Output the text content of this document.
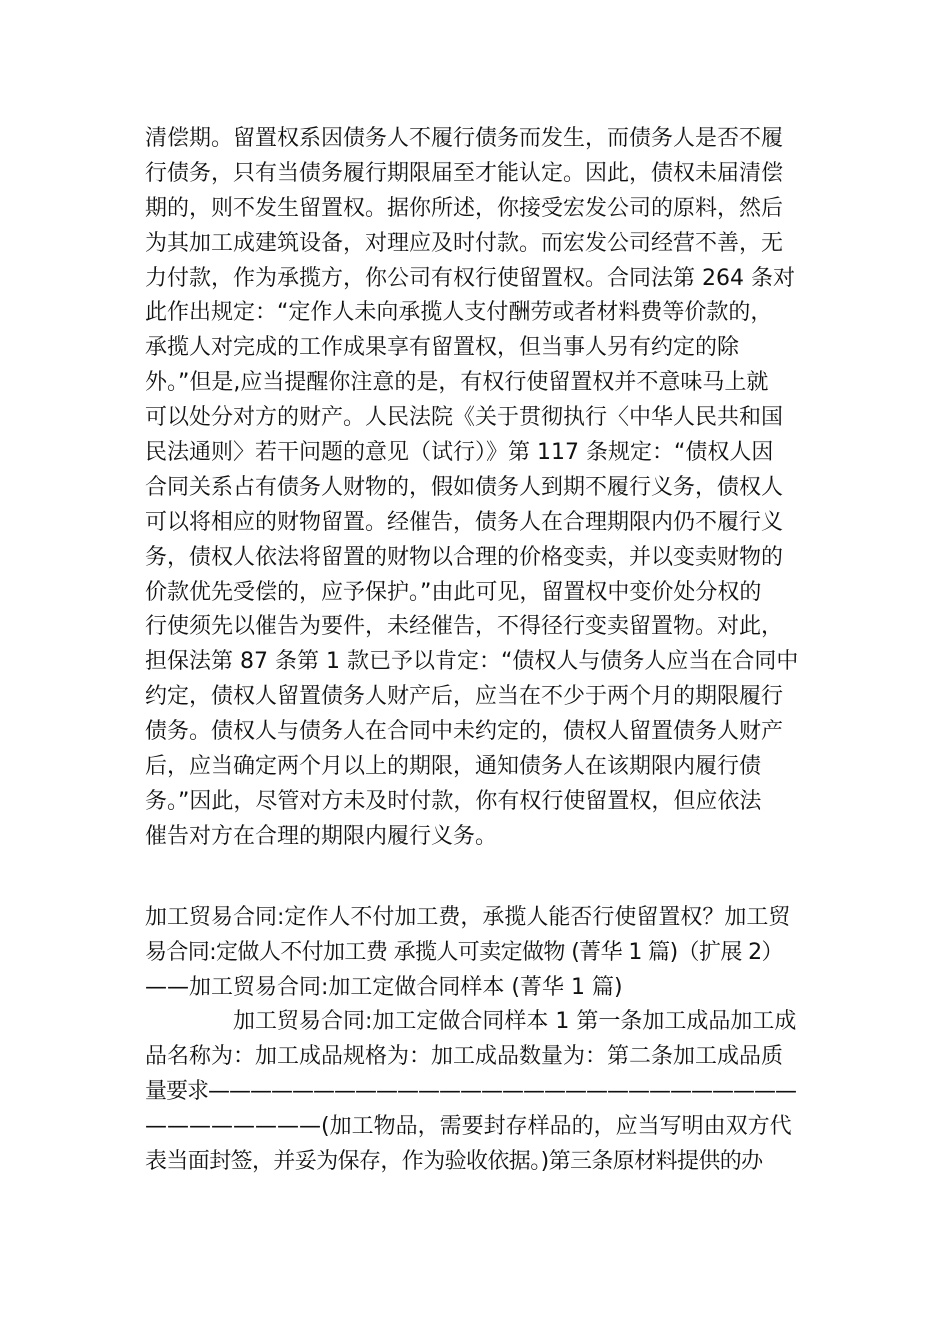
清偿期。留置权系因债务人不履行债务而发生，而债务人是否不履
行债务，只有当债务履行期限届至才能认定。因此，债权未届清偿
期的，则不发生留置权。据你所述，你接受宏发公司的原料，然后
为其加工成建筑设备，对理应及时付款。而宏发公司经营不善，无
力付款，作为承揽方，你公司有权行使留置权。合同法第 264 条对
此作出规定：“定作人未向承揽人支付酬劳或者材料费等价款的，
承揽人对完成的工作成果享有留置权，但当事人另有约定的除
外。”但是,应当提醒你注意的是，有权行使留置权并不意味马上就
可以处分对方的财产。人民法院《关于贯彻执行〈中华人民共和国
民法通则〉若干问题的意见（试行）》第 117 条规定：“债权人因
合同关系占有债务人财物的，假如债务人到期不履行义务，债权人
可以将相应的财物留置。经催告，债务人在合理期限内仍不履行义
务，债权人依法将留置的财物以合理的价格变卖，并以变卖财物的
价款优先受偿的，应予保护。”由此可见，留置权中变价处分权的
行使须先以催告为要件，未经催告，不得径行变卖留置物。对此，
担保法第 87 条第 1 款已予以肯定：“债权人与债务人应当在合同中
约定，债权人留置债务人财产后，应当在不少于两个月的期限履行
债务。债权人与债务人在合同中未约定的，债权人留置债务人财产
后，应当确定两个月以上的期限，通知债务人在该期限内履行债
务。”因此，尽管对方未及时付款，你有权行使留置权，但应依法
催告对方在合理的期限内履行义务。
加工贸易合同:定作人不付加工费，承揽人能否行使留置权？加工贸
易合同:定做人不付加工费 承揽人可卖定做物 (菁华 1 篇)（扩展 2）
——加工贸易合同:加工定做合同样本 (菁华 1 篇)
加工贸易合同:加工定做合同样本 1 第一条加工成品加工成
品名称为：加工成品规格为：加工成品数量为：第二条加工成品质
量要求————————————————————————————
————————(加工物品，需要封存样品的，应当写明由双方代
表当面封签，并妥为保存，作为验收依据。)第三条原材料提供的办
